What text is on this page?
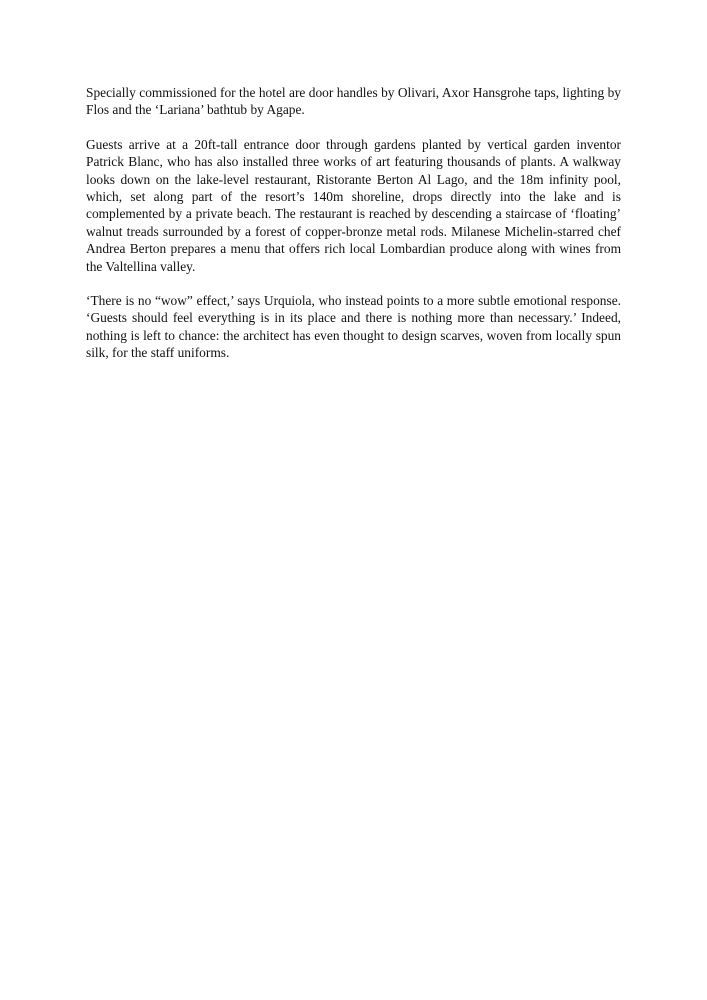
Specially commissioned for the hotel are door handles by Olivari, Axor Hansgrohe taps, lighting by Flos and the ‘Lariana’ bathtub by Agape.

Guests arrive at a 20ft-tall entrance door through gardens planted by vertical garden inventor Patrick Blanc, who has also installed three works of art featuring thousands of plants. A walkway looks down on the lake-level restaurant, Ristorante Berton Al Lago, and the 18m infinity pool, which, set along part of the resort’s 140m shoreline, drops directly into the lake and is complemented by a private beach. The restaurant is reached by descending a staircase of ‘floating’ walnut treads surrounded by a forest of copper-bronze metal rods. Milanese Michelin-starred chef Andrea Berton prepares a menu that offers rich local Lombardian produce along with wines from the Valtellina valley.

‘There is no “wow” effect,’ says Urquiola, who instead points to a more subtle emotional response. ‘Guests should feel everything is in its place and there is nothing more than necessary.’ Indeed, nothing is left to chance: the architect has even thought to design scarves, woven from locally spun silk, for the staff uniforms.
